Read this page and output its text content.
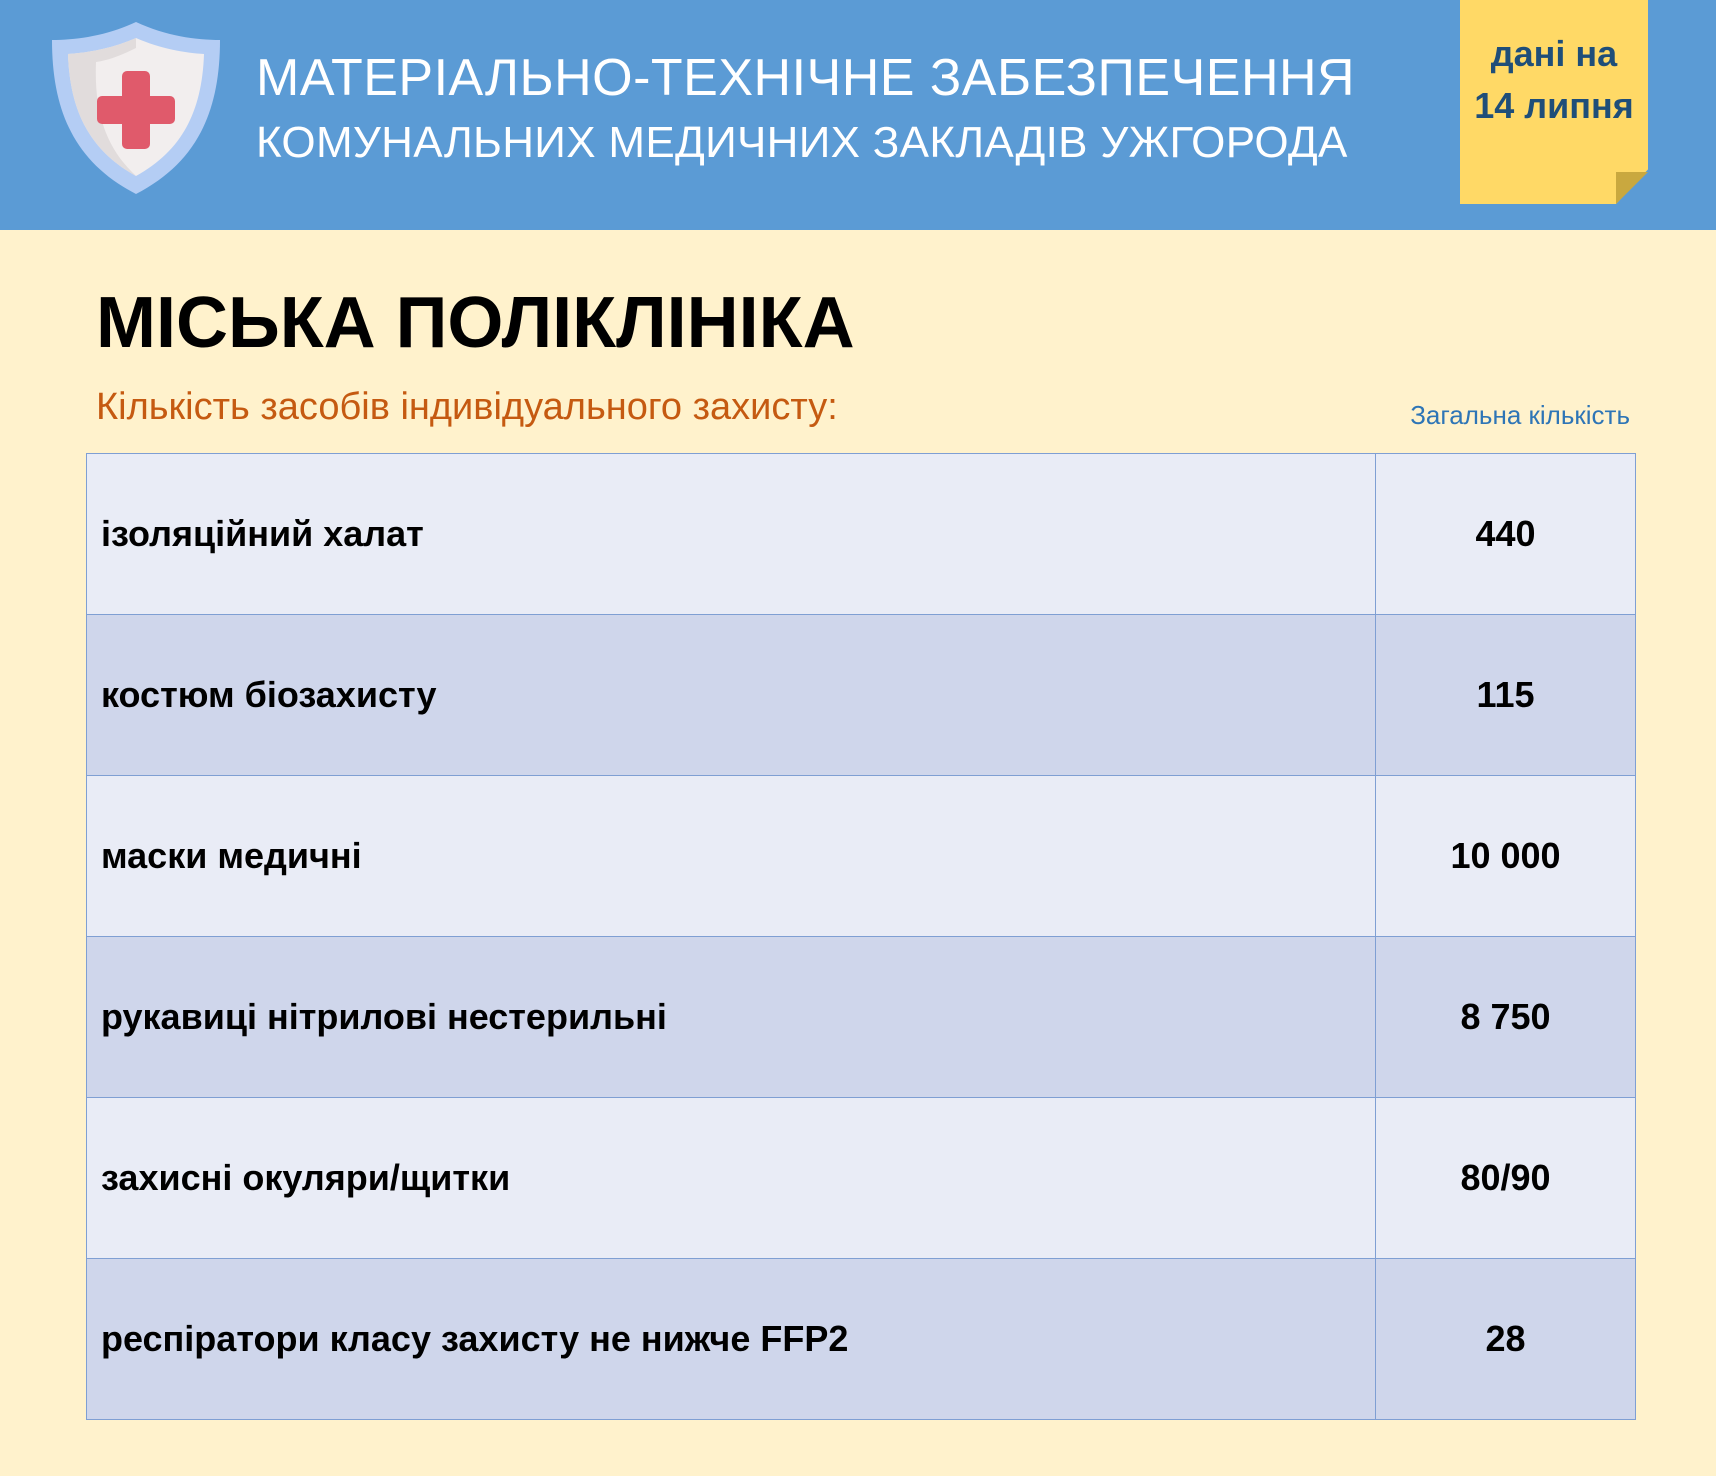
МАТЕРІАЛЬНО-ТЕХНІЧНЕ ЗАБЕЗПЕЧЕННЯ
КОМУНАЛЬНИХ МЕДИЧНИХ ЗАКЛАДІВ УЖГОРОДА
дані на
14 липня
МІСЬКА ПОЛІКЛІНІКА
Кількість засобів індивідуального захисту:	Загальна кількість
ізоляційний халат	440
костюм біозахисту	115
маски медичні	10 000
рукавиці нітрилові нестерильні	8 750
захисні окуляри/щитки	80/90
респіратори класу захисту не нижче FFP2	28
